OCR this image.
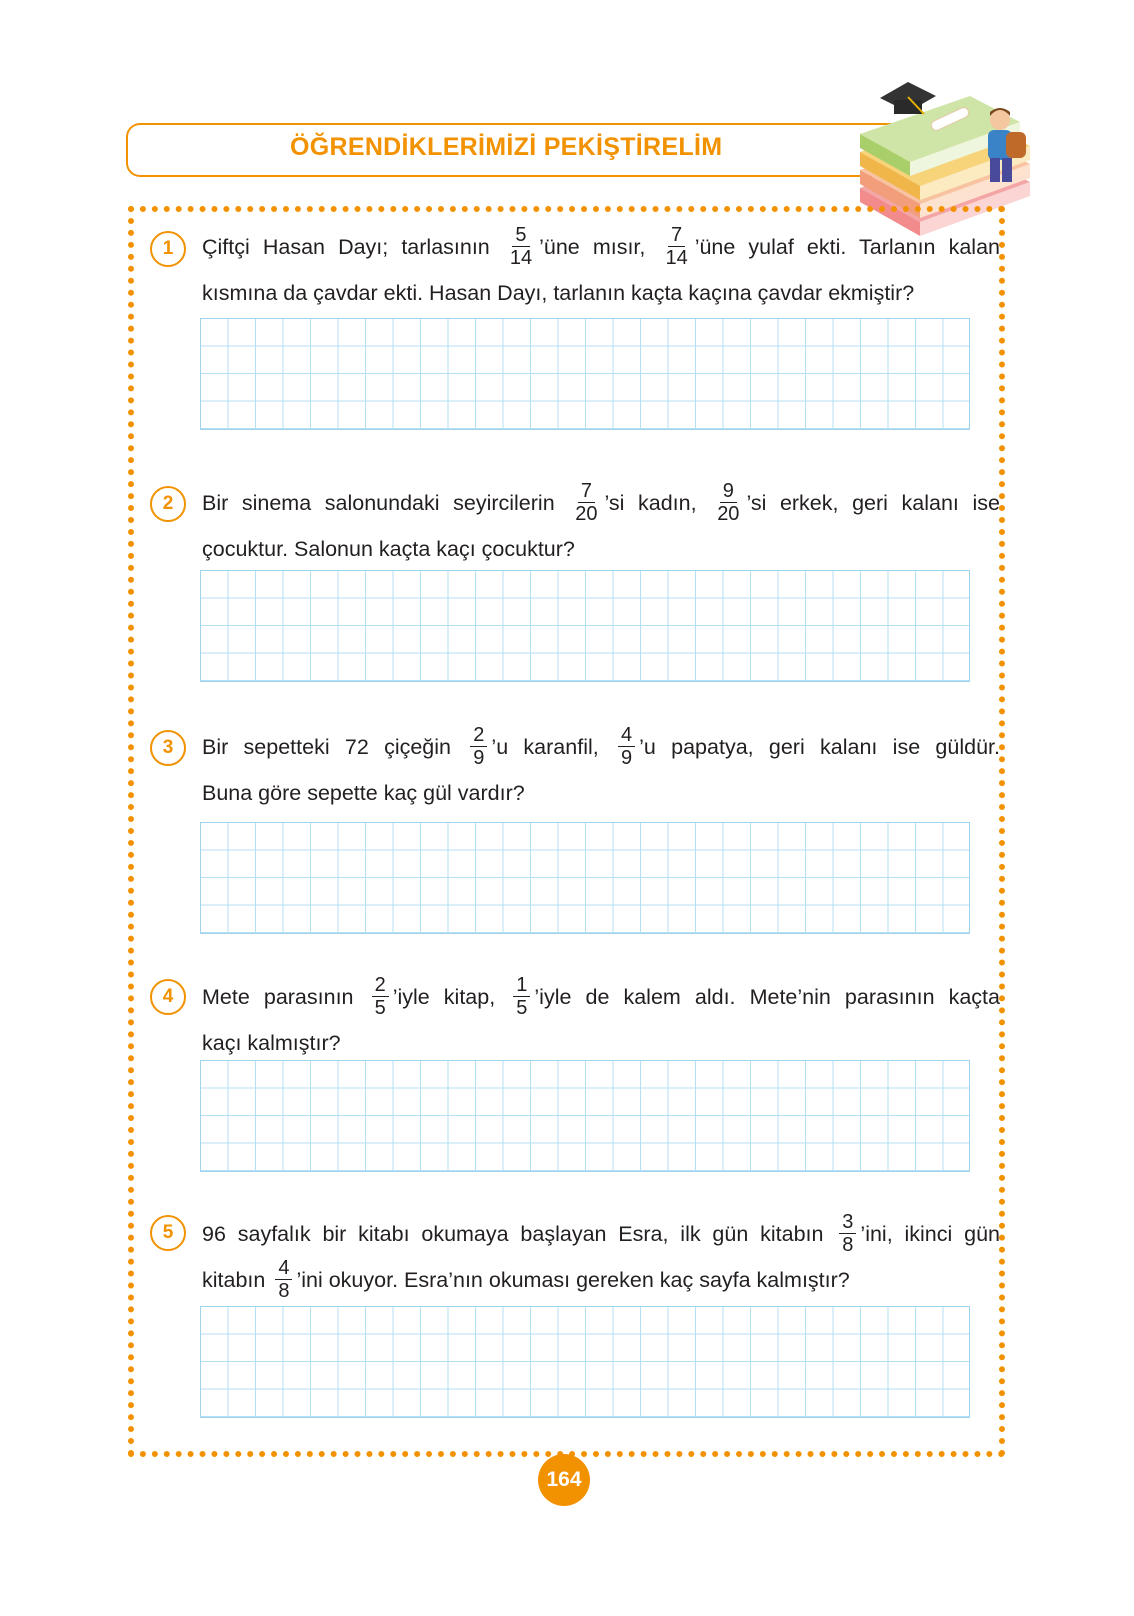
ÖĞRENDİKLERİMİZİ PEKİŞTİRELİM
1	Çiftçi Hasan Dayı; tarlasının $\frac{5}{14}$ ’üne mısır, $\frac{7}{14}$ ’üne yulaf ekti. Tarlanın kalan
kısmına da çavdar ekti. Hasan Dayı, tarlanın kaçta kaçına çavdar ekmiştir?
2	Bir sinema salonundaki seyircilerin $\frac{7}{20}$ ’si kadın, $\frac{9}{20}$ ’si erkek, geri kalanı ise
çocuktur. Salonun kaçta kaçı çocuktur?
3	Bir sepetteki 72 çiçeğin $\frac{2}{9}$ ’u karanfil, $\frac{4}{9}$ ’u papatya, geri kalanı ise güldür.
Buna göre sepette kaç gül vardır?
4	Mete parasının $\frac{2}{5}$ ’iyle kitap, $\frac{1}{5}$ ’iyle de kalem aldı. Mete’nin parasının kaçta
kaçı kalmıştır?
5	96 sayfalık bir kitabı okumaya başlayan Esra, ilk gün kitabın $\frac{3}{8}$ ’ini, ikinci gün
kitabın $\frac{4}{8}$ ’ini okuyor. Esra’nın okuması gereken kaç sayfa kalmıştır?
164
